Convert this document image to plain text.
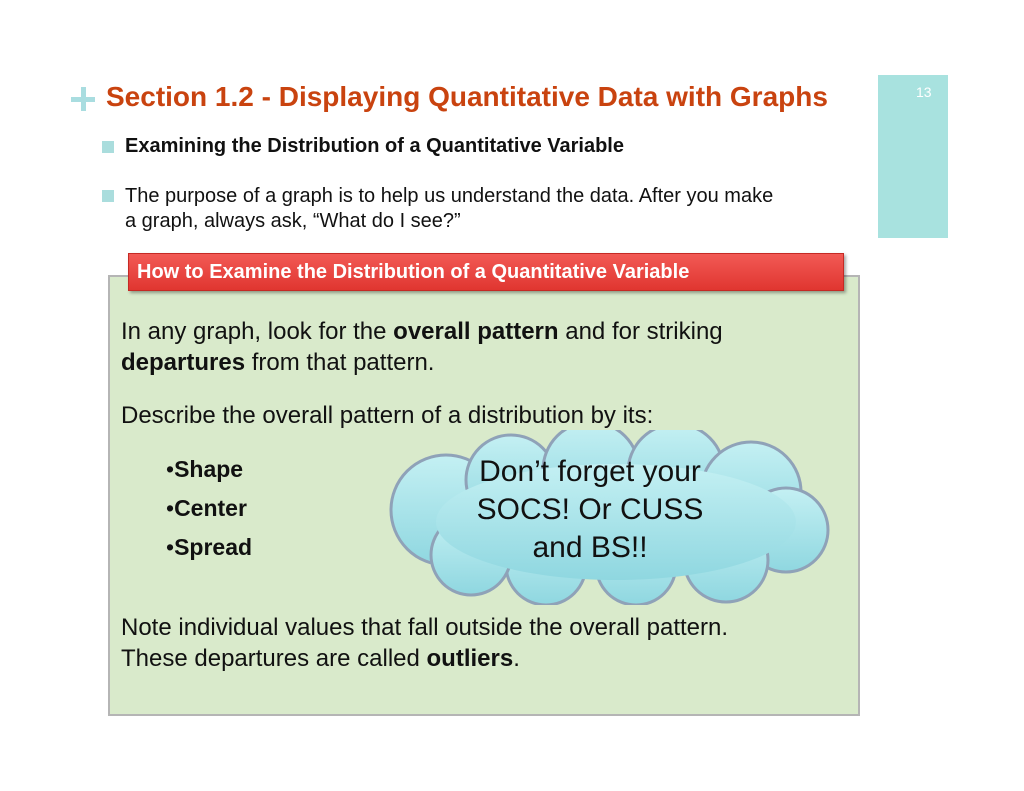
13
Section 1.2 - Displaying Quantitative Data with Graphs
Examining the Distribution of a Quantitative Variable
The purpose of a graph is to help us understand the data. After you make
a graph, always ask, “What do I see?”
How to Examine the Distribution of a Quantitative Variable
In any graph, look for the overall pattern and for striking
departures from that pattern.
Describe the overall pattern of a distribution by its:
•Shape
•Center
•Spread
Don’t forget your
SOCS! Or CUSS
and BS!!
Note individual values that fall outside the overall pattern.
These departures are called outliers.
